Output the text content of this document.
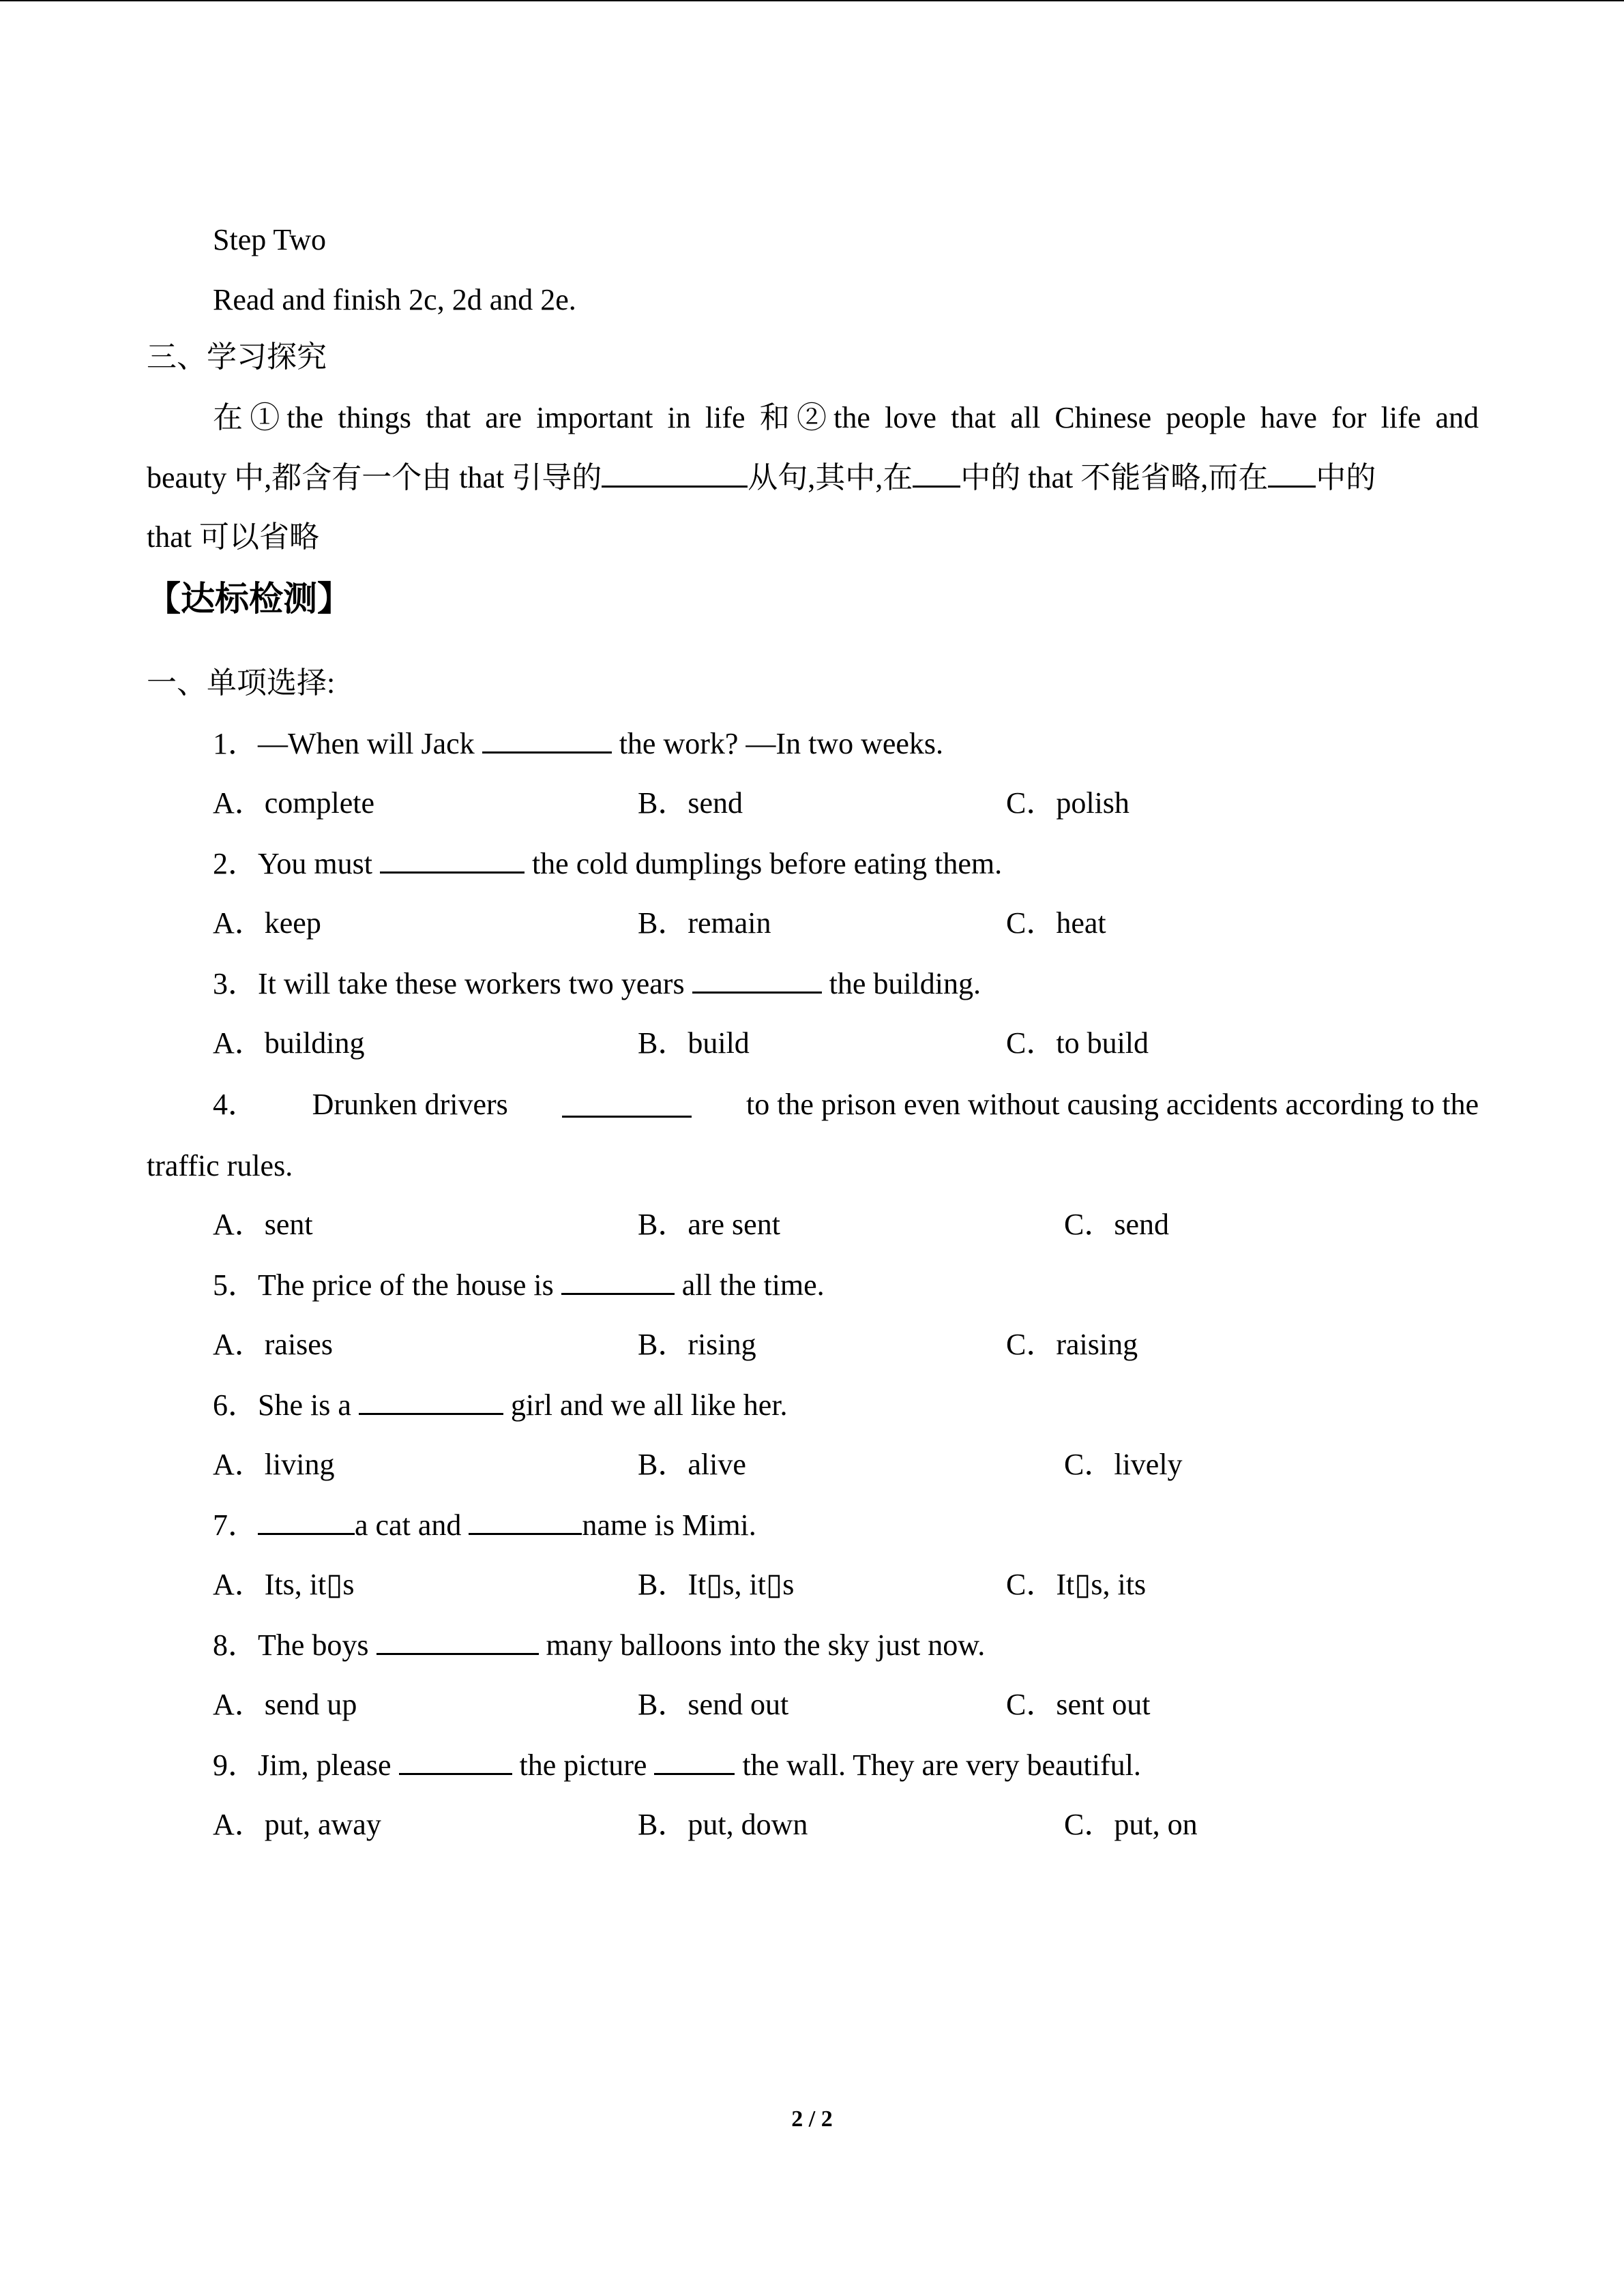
Step Two
Read and finish 2c, 2d and 2e.
三、学习探究
在①the things that are important in life 和②the love that all Chinese people have for life and
beauty 中,都含有一个由 that 引导的	从句,其中,在 中的 that 不能省略,而在 中的
that 可以省略
【达标检测】
一、单项选择:
1．—When will Jack	the work? —In two weeks.
A．complete	B．send	C．polish
2．You must	the cold dumplings before eating them.
A．keep	B．remain	C．heat
3．It will take these workers two years	the building.
A．building	B．build	C．to build
4． Drunken drivers	to the prison even without causing accidents according to the
traffic rules.
A．sent	B．are sent	C．send
5．The price of the house is	all the time.
A．raises	B．rising	C．raising
6．She is a	girl and we all like her.
A．living	B．alive	C．lively
7．	a cat and	name is Mimi.
A．Its, it▯s	B．It▯s, it▯s	C．It▯s, its
8．The boys	many balloons into the sky just now.
A．send up	B．send out	C．sent out
9．Jim, please	the picture	the wall. They are very beautiful.
A．put, away	B．put, down	C．put, on
2 / 2
